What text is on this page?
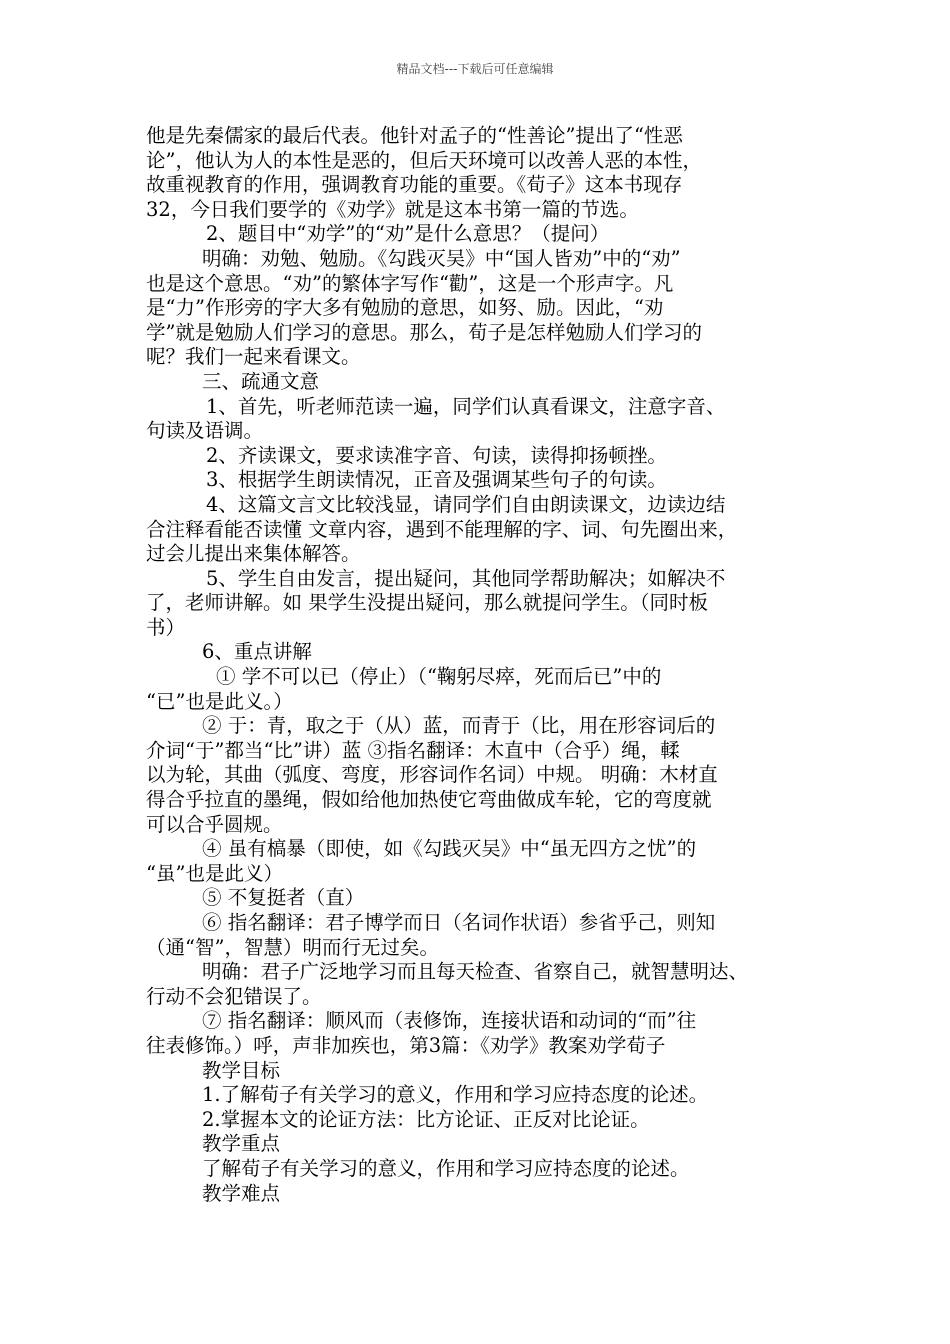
精品文档---下载后可任意编辑
他是先秦儒家的最后代表。他针对孟子的“性善论”提出了“性恶
论”，他认为人的本性是恶的，但后天环境可以改善人恶的本性，
故重视教育的作用，强调教育功能的重要。《荀子》这本书现存
32，今日我们要学的《劝学》就是这本书第一篇的节选。
2、题目中“劝学”的“劝”是什么意思？（提问）
明确：劝勉、勉励。《勾践灭吴》中“国人皆劝”中的“劝”
也是这个意思。“劝”的繁体字写作“勸”，这是一个形声字。凡
是“力”作形旁的字大多有勉励的意思，如努、励。因此，“劝
学”就是勉励人们学习的意思。那么，荀子是怎样勉励人们学习的
呢？我们一起来看课文。
三、疏通文意
1、首先，听老师范读一遍，同学们认真看课文，注意字音、
句读及语调。
2、齐读课文，要求读准字音、句读，读得抑扬顿挫。
3、根据学生朗读情况，正音及强调某些句子的句读。
4、这篇文言文比较浅显，请同学们自由朗读课文，边读边结
合注释看能否读懂 文章内容，遇到不能理解的字、词、句先圈出来，
过会儿提出来集体解答。
5、学生自由发言，提出疑问，其他同学帮助解决；如解决不
了，老师讲解。如 果学生没提出疑问，那么就提问学生。（同时板
书）
6、重点讲解
① 学不可以已（停止）（“鞠躬尽瘁，死而后已”中的
“已”也是此义。）
② 于：青，取之于（从）蓝，而青于（比，用在形容词后的
介词“于”都当“比”讲）蓝 ③指名翻译：木直中（合乎）绳，輮
以为轮，其曲（弧度、弯度，形容词作名词）中规。 明确：木材直
得合乎拉直的墨绳，假如给他加热使它弯曲做成车轮，它的弯度就
可以合乎圆规。
④ 虽有槁暴（即使，如《勾践灭吴》中“虽无四方之忧”的
“虽”也是此义）
⑤ 不复挺者（直）
⑥ 指名翻译：君子博学而日（名词作状语）参省乎己，则知
（通“智”，智慧）明而行无过矣。
明确：君子广泛地学习而且每天检查、省察自己，就智慧明达、
行动不会犯错误了。
⑦ 指名翻译：顺风而（表修饰，连接状语和动词的“而”往
往表修饰。）呼，声非加疾也，第3篇：《劝学》教案劝学荀子
教学目标
1.了解荀子有关学习的意义，作用和学习应持态度的论述。
2.掌握本文的论证方法：比方论证、正反对比论证。
教学重点
了解荀子有关学习的意义，作用和学习应持态度的论述。
教学难点
